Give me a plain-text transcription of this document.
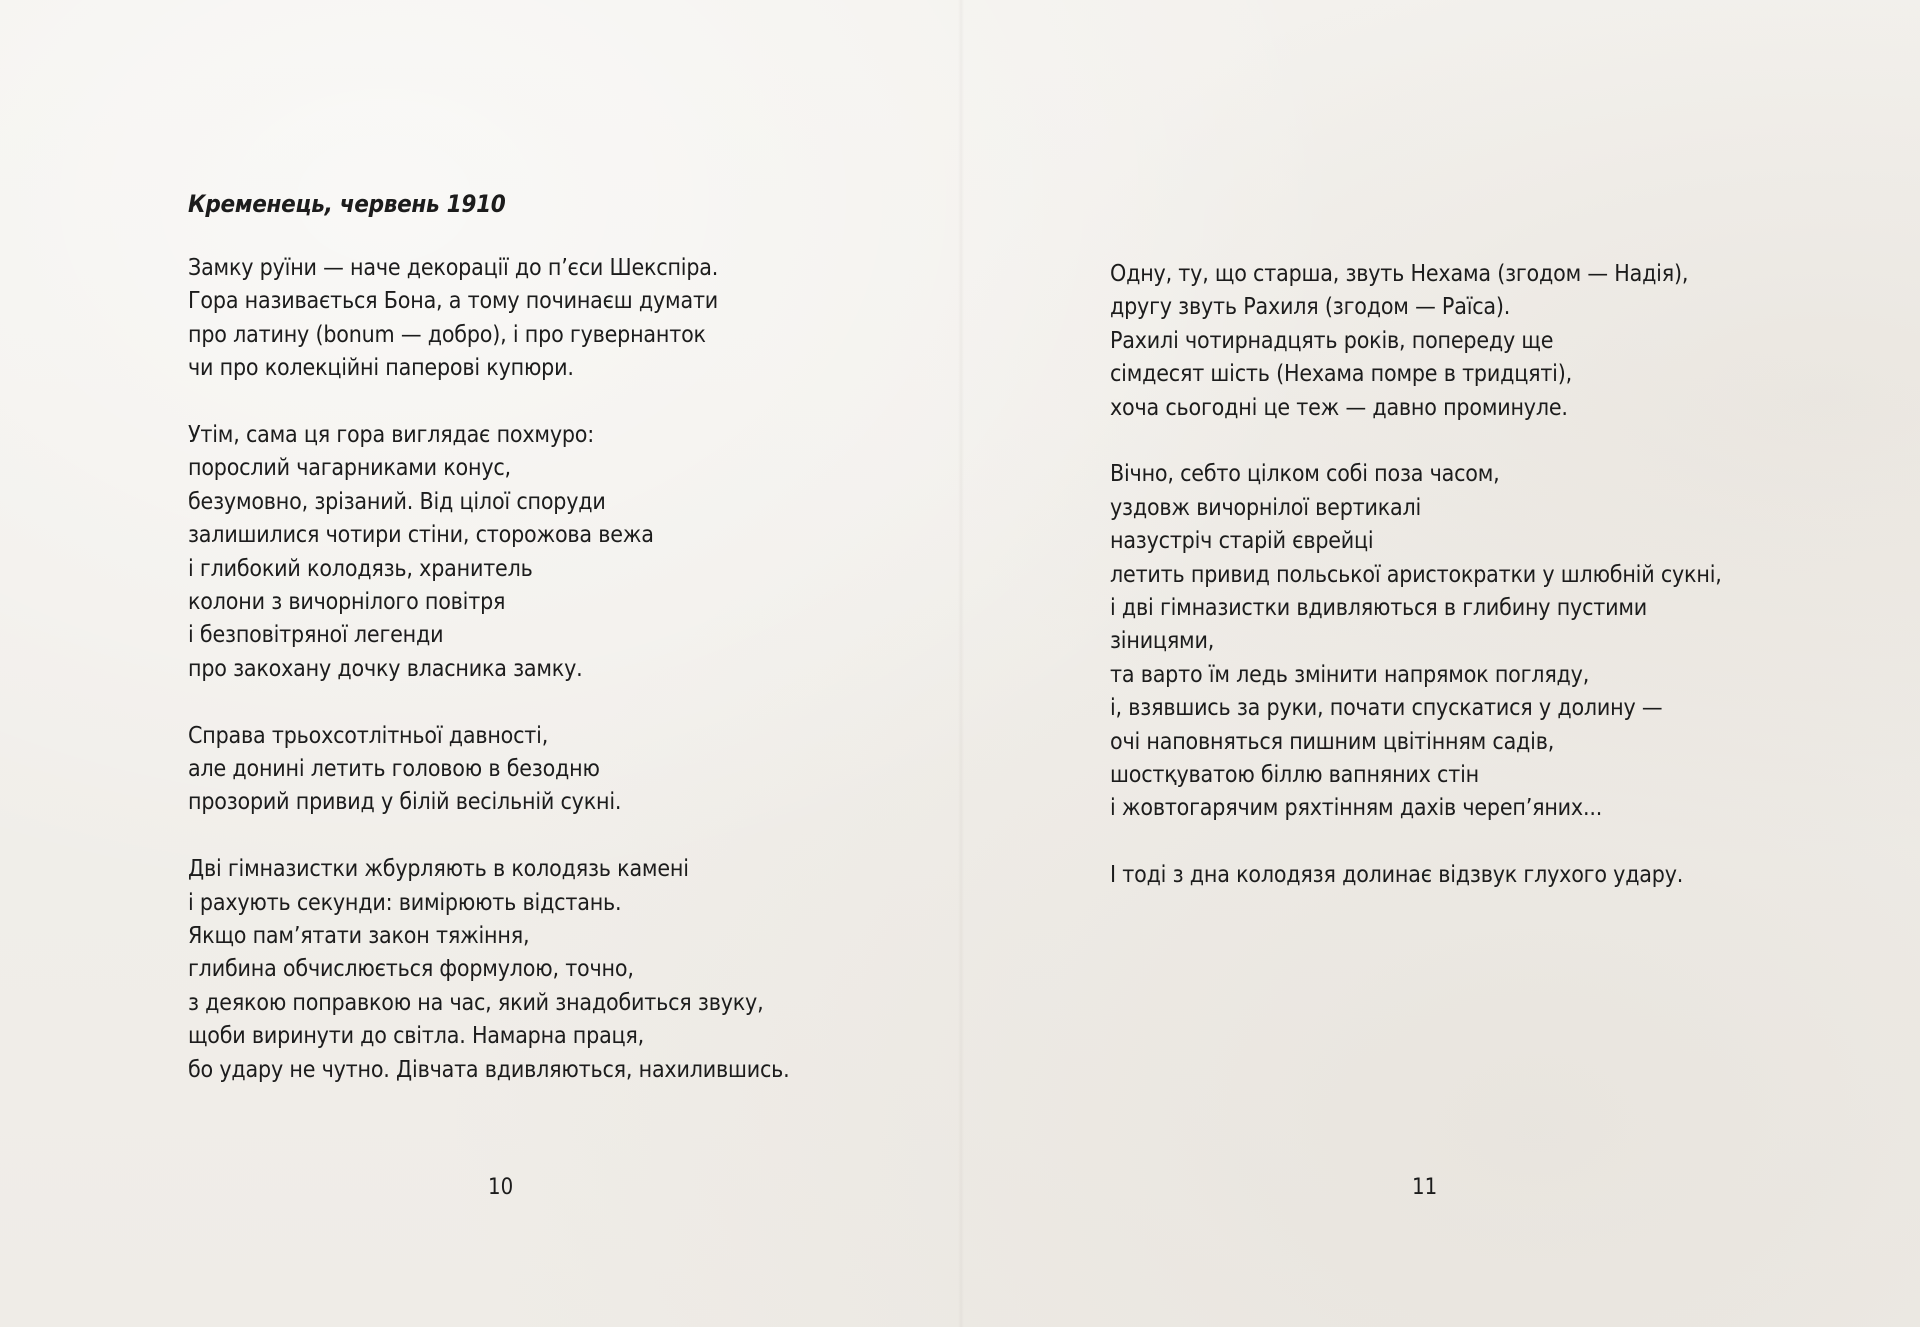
Кременець, червень 1910
Замку руїни — наче декорації до п’єси Шекспіра.
Гора називається Бона, а тому починаєш думати
про латину (bonum — добро), і про гувернанток
чи про колекційні паперові купюри.
Утім, сама ця гора виглядає похмуро:
порослий чагарниками конус,
безумовно, зрізаний. Від цілої споруди
залишилися чотири стіни, сторожова вежа
і глибокий колодязь, хранитель
колони з вичорнілого повітря
і безповітряної легенди
про закохану дочку власника замку.
Справа трьохсотлітньої давності,
але донині летить головою в безодню
прозорий привид у білій весільній сукні.
Дві гімназистки жбурляють в колодязь камені
і рахують секунди: вимірюють відстань.
Якщо пам’ятати закон тяжіння,
глибина обчислюється формулою, точно,
з деякою поправкою на час, який знадобиться звуку,
щоби виринути до світла. Намарна праця,
бо удару не чутно. Дівчата вдивляються, нахилившись.
10
Одну, ту, що старша, звуть Нехама (згодом — Надія),
другу звуть Рахиля (згодом — Раїса).
Рахилі чотирнадцять років, попереду ще
сімдесят шість (Нехама помре в тридцяті),
хоча сьогодні це теж — давно проминуле.
Вічно, себто цілком собі поза часом,
уздовж вичорнілої вертикалі
назустріч старій єврейці
летить привид польської аристократки у шлюбній сукні,
і дві гімназистки вдивляються в глибину пустими
зіницями,
та варто їм ледь змінити напрямок погляду,
і, взявшись за руки, почати спускатися у долину —
очі наповняться пишним цвітінням садів,
шостқуватою біллю вапняних стін
і жовтогарячим ряхтінням дахів череп’яних...
І тоді з дна колодязя долинає відзвук глухого удару.
11
